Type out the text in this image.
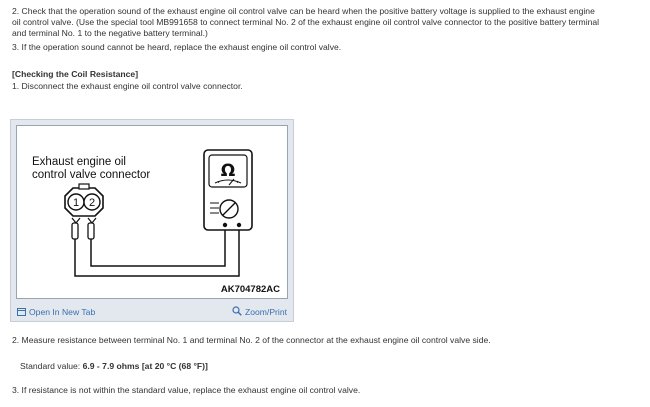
2. Check that the operation sound of the exhaust engine oil control valve can be heard when the positive battery voltage is supplied to the exhaust engine
oil control valve. (Use the special tool MB991658 to connect terminal No. 2 of the exhaust engine oil control valve connector to the positive battery terminal
and terminal No. 1 to the negative battery terminal.)
3. If the operation sound cannot be heard, replace the exhaust engine oil control valve.
[Checking the Coil Resistance]
1. Disconnect the exhaust engine oil control valve connector.
Exhaust engine oil
control valve connector
1 2
Ω
AK704782AC
Open In New Tab	Zoom/Print
2. Measure resistance between terminal No. 1 and terminal No. 2 of the connector at the exhaust engine oil control valve side.
Standard value: 6.9 - 7.9 ohms [at 20 °C (68 °F)]
3. If resistance is not within the standard value, replace the exhaust engine oil control valve.
